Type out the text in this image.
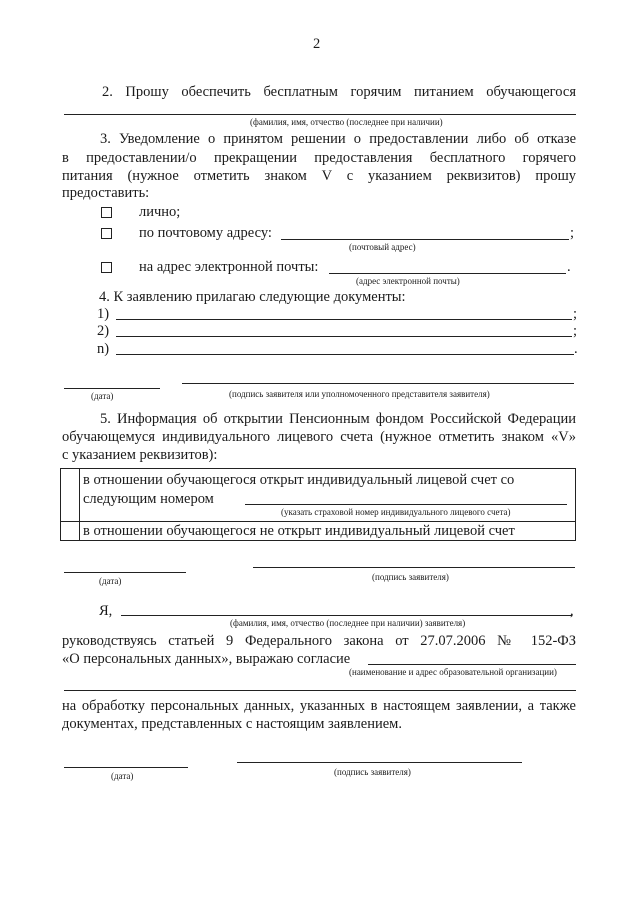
2
2. Прошу обеспечить бесплатным горячим питанием обучающегося
(фамилия, имя, отчество (последнее при наличии)
3. Уведомление о принятом решении о предоставлении либо об отказе
в предоставлении/о прекращении предоставления бесплатного горячего
питания (нужное отметить знаком V с указанием реквизитов) прошу
предоставить:
лично;
по почтовому адресу:	;
(почтовый адрес)
на адрес электронной почты:	.
(адрес электронной почты)
4. К заявлению прилагаю следующие документы:
1)	;
2)	;
n)	.
(дата)	(подпись заявителя или уполномоченного представителя заявителя)
5. Информация об открытии Пенсионным фондом Российской Федерации
обучающемуся индивидуального лицевого счета (нужное отметить знаком «V»
с указанием реквизитов):

	в отношении обучающегося открыт индивидуальный лицевой счет со
следующим номером
(указать страховой номер индивидуального лицевого счета)

	в отношении обучающегося не открыт индивидуальный лицевой счет
(дата)	(подпись заявителя)
Я,	,
(фамилия, имя, отчество (последнее при наличии) заявителя)
руководствуясь статьей 9 Федерального закона от 27.07.2006 № 152-ФЗ
«О персональных данных», выражаю согласие
(наименование и адрес образовательной организации)
на обработку персональных данных, указанных в настоящем заявлении, а также
документах, представленных с настоящим заявлением.
(дата)	(подпись заявителя)
